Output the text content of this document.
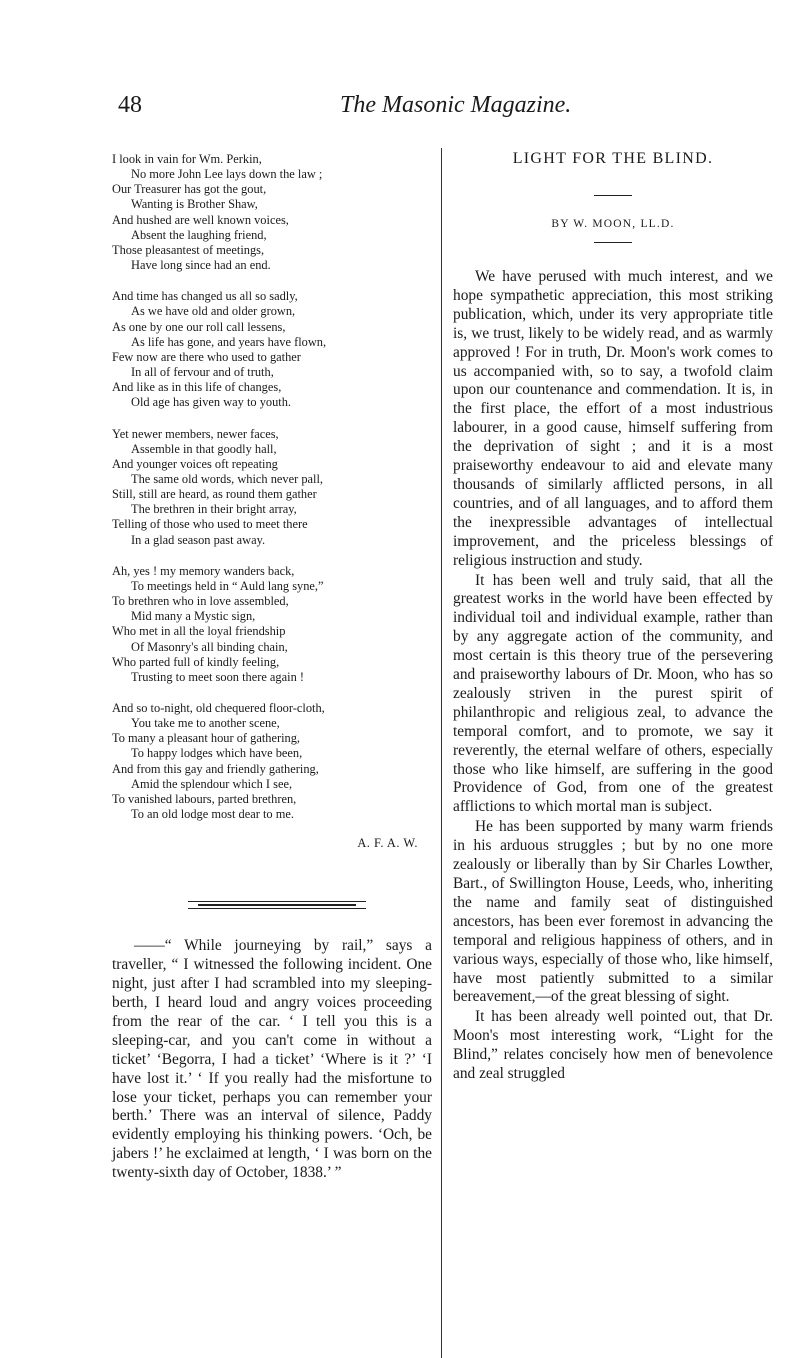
48	The Masonic Magazine.
I look in vain for Wm. Perkin,
No more John Lee lays down the law ;
Our Treasurer has got the gout,
Wanting is Brother Shaw,
And hushed are well known voices,
Absent the laughing friend,
Those pleasantest of meetings,
Have long since had an end.
And time has changed us all so sadly,
As we have old and older grown,
As one by one our roll call lessens,
As life has gone, and years have flown,
Few now are there who used to gather
In all of fervour and of truth,
And like as in this life of changes,
Old age has given way to youth.
Yet newer members, newer faces,
Assemble in that goodly hall,
And younger voices oft repeating
The same old words, which never pall,
Still, still are heard, as round them gather
The brethren in their bright array,
Telling of those who used to meet there
In a glad season past away.
Ah, yes ! my memory wanders back,
To meetings held in “ Auld lang syne,”
To brethren who in love assembled,
Mid many a Mystic sign,
Who met in all the loyal friendship
Of Masonry's all binding chain,
Who parted full of kindly feeling,
Trusting to meet soon there again !
And so to-night, old chequered floor-cloth,
You take me to another scene,
To many a pleasant hour of gathering,
To happy lodges which have been,
And from this gay and friendly gathering,
Amid the splendour which I see,
To vanished labours, parted brethren,
To an old lodge most dear to me.
A. F. A. W.

——“ While journeying by rail,” says a traveller, “ I witnessed the following incident. One night, just after I had scrambled into my sleeping-berth, I heard loud and angry voices proceeding from the rear of the car. ‘ I tell you this is a sleeping-car, and you can't come in without a ticket’ ‘Begorra, I had a ticket’ ‘Where is it ?’ ‘I have lost it.’ ‘ If you really had the misfortune to lose your ticket, perhaps you can remember your berth.’ There was an interval of silence, Paddy evidently employing his thinking powers. ‘Och, be jabers !’ he exclaimed at length, ‘ I was born on the twenty-sixth day of October, 1838.’ ”

LIGHT FOR THE BLIND.
BY W. MOON, LL.D.

We have perused with much interest, and we hope sympathetic appreciation, this most striking publication, which, under its very appropriate title is, we trust, likely to be widely read, and as warmly approved ! For in truth, Dr. Moon's work comes to us accompanied with, so to say, a twofold claim upon our countenance and commendation. It is, in the first place, the effort of a most industrious labourer, in a good cause, himself suffering from the deprivation of sight ; and it is a most praiseworthy endeavour to aid and elevate many thousands of similarly afflicted persons, in all countries, and of all languages, and to afford them the inexpressible advantages of intellectual improvement, and the priceless blessings of religious instruction and study.

It has been well and truly said, that all the greatest works in the world have been effected by individual toil and individual example, rather than by any aggregate action of the community, and most certain is this theory true of the persevering and praiseworthy labours of Dr. Moon, who has so zealously striven in the purest spirit of philanthropic and religious zeal, to advance the temporal comfort, and to promote, we say it reverently, the eternal welfare of others, especially those who like himself, are suffering in the good Providence of God, from one of the greatest afflictions to which mortal man is subject.

He has been supported by many warm friends in his arduous struggles ; but by no one more zealously or liberally than by Sir Charles Lowther, Bart., of Swillington House, Leeds, who, inheriting the name and family seat of distinguished ancestors, has been ever foremost in advancing the temporal and religious happiness of others, and in various ways, especially of those who, like himself, have most patiently submitted to a similar bereavement,—of the great blessing of sight.

It has been already well pointed out, that Dr. Moon's most interesting work, “Light for the Blind,” relates concisely how men of benevolence and zeal struggled
